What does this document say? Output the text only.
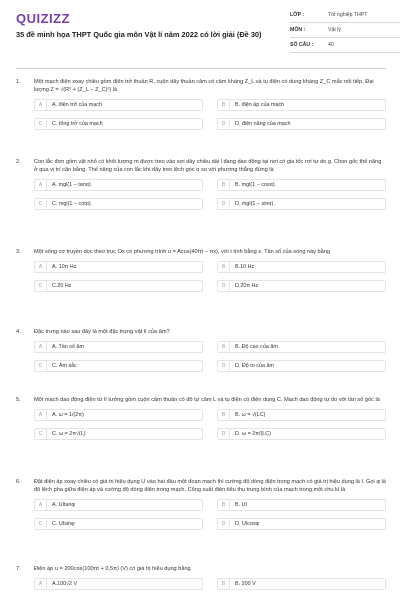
QUIZIZZ
35 đề minh họa THPT Quốc gia môn Vật lí năm 2022 có lời giải (Đề 30)
LỚP :	Tốt nghiệp THPT
MÔN :	Vật lý
SỐ CÂU :	40
1.	Một mạch điện xoay chiều gồm điện trở thuần R, cuộn dây thuần cảm có cảm kháng Z_L và tụ điện có dung kháng Z_C mắc nối tiếp. Đại lượng Z = √(R² + (Z_L − Z_C)²) là
A	A. điện trở của mạch	B	B. điện áp của mạch
C	C. tổng trở của mạch	D	D. điện năng của mạch
2.	Con lắc đơn gồm vật nhỏ có khối lượng m được treo vào sợi dây chiều dài l đang dao động tại nơi có gia tốc rơi tự do g. Chọn gốc thế năng ở qua vị trí cân bằng. Thế năng của con lắc khi dây treo lệch góc α so với phương thẳng đứng là
A	A. mgl(1 − tanα).	B	B. mgl(1 − cosα).
C	C. mgl(1 − cotα).	D	D. mgl(1 − sinα).
3.	Một sóng cơ truyền dọc theo trục Ox có phương trình u = Acos(40πt − πx), với t tính bằng s. Tần số của sóng này bằng
A	A. 10π Hz	B	B.10 Hz
C	C.20 Hz	D	D.20π Hz
4.	Đặc trưng nào sau đây là một đặc trưng vật lí của âm?
A	A. Tần số âm	B	B. Độ cao của âm
C	C. Âm sắc	D	D. Độ to của âm
5.	Một mạch dao động điện từ lí tưởng gồm cuộn cảm thuần có độ tự cảm L và tụ điện có điện dung C. Mạch dao động tự do với tần số góc là
A	A. ω = 1/(2π)	B	B. ω = √(LC)
C	C. ω = 2π√(L)	D	D. ω = 2π/(LC)
6.	Đặt điện áp xoay chiều có giá trị hiệu dụng U vào hai đầu một đoạn mạch thì cường độ dòng điện trong mạch có giá trị hiệu dụng là I. Gọi φ là độ lệch pha giữa điện áp và cường độ dòng điện trong mạch. Công suất điện tiêu thụ trung bình của mạch trong một chu kì là
A	A. UItanφ	B	B. UI
C	C. UIsinφ	D	D. UIcosφ
7.	Điện áp u = 200cos(100πt + 0,5π) (V) có giá trị hiệu dụng bằng
A	A.100√2 V	B	B. 200 V
